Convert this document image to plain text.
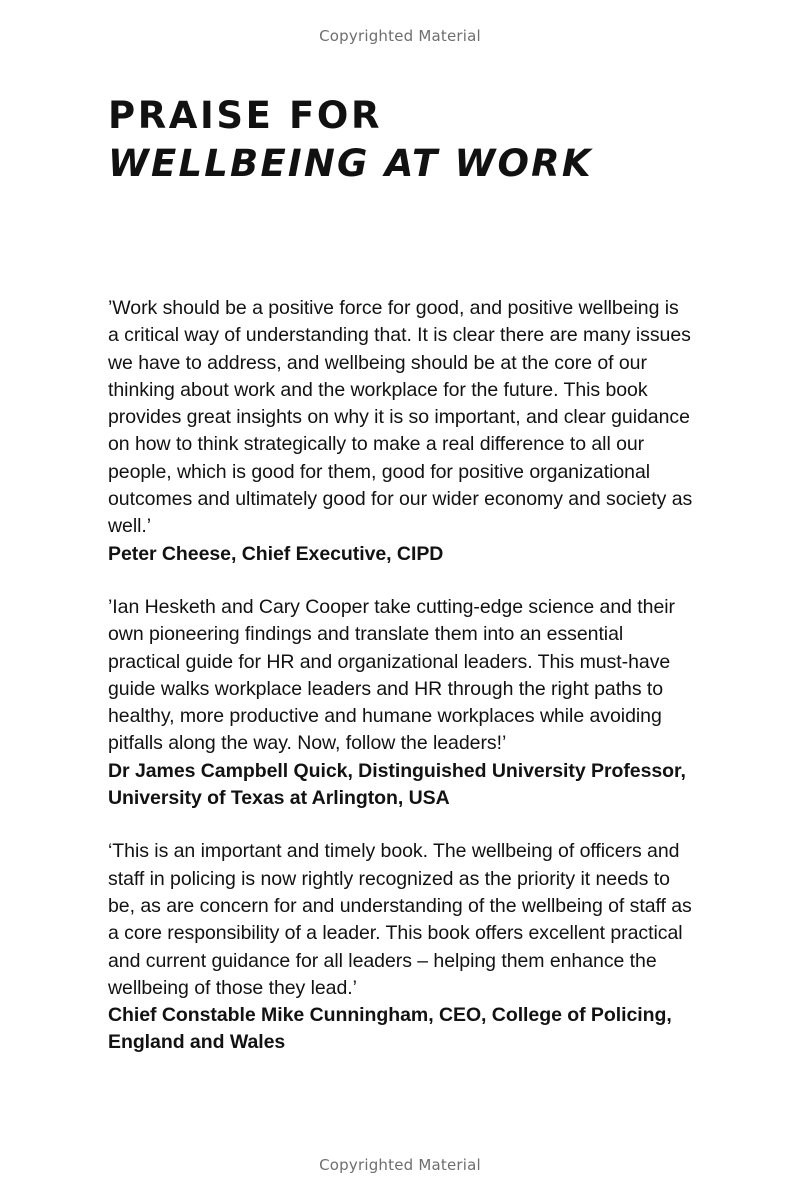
Copyrighted Material
PRAISE FOR
WELLBEING AT WORK

’Work should be a positive force for good, and positive wellbeing is a critical way of understanding that. It is clear there are many issues we have to address, and wellbeing should be at the core of our thinking about work and the workplace for the future. This book provides great insights on why it is so important, and clear guidance on how to think strategically to make a real difference to all our people, which is good for them, good for positive organizational outcomes and ultimately good for our wider economy and society as well.’

Peter Cheese, Chief Executive, CIPD

’Ian Hesketh and Cary Cooper take cutting-edge science and their own pioneering findings and translate them into an essential practical guide for HR and organizational leaders. This must-have guide walks workplace leaders and HR through the right paths to healthy, more productive and humane workplaces while avoiding pitfalls along the way. Now, follow the leaders!’

Dr James Campbell Quick, Distinguished University Professor, University of Texas at Arlington, USA

‘This is an important and timely book. The wellbeing of officers and staff in policing is now rightly recognized as the priority it needs to be, as are concern for and understanding of the wellbeing of staff as a core responsibility of a leader. This book offers excellent practical and current guidance for all leaders – helping them enhance the wellbeing of those they lead.’

Chief Constable Mike Cunningham, CEO, College of Policing, England and Wales

Copyrighted Material
